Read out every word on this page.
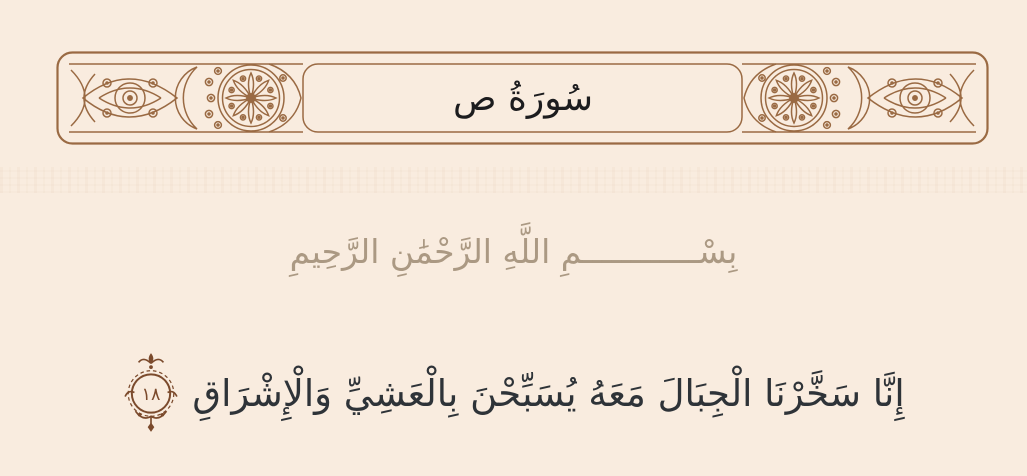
سُورَةُ ص
بِسْــــــــــــمِ اللَّهِ الرَّحْمَٰنِ الرَّحِيمِ
إِنَّا سَخَّرْنَا الْجِبَالَ مَعَهُ يُسَبِّحْنَ بِالْعَشِيِّ وَالْإِشْرَاقِ
١٨
